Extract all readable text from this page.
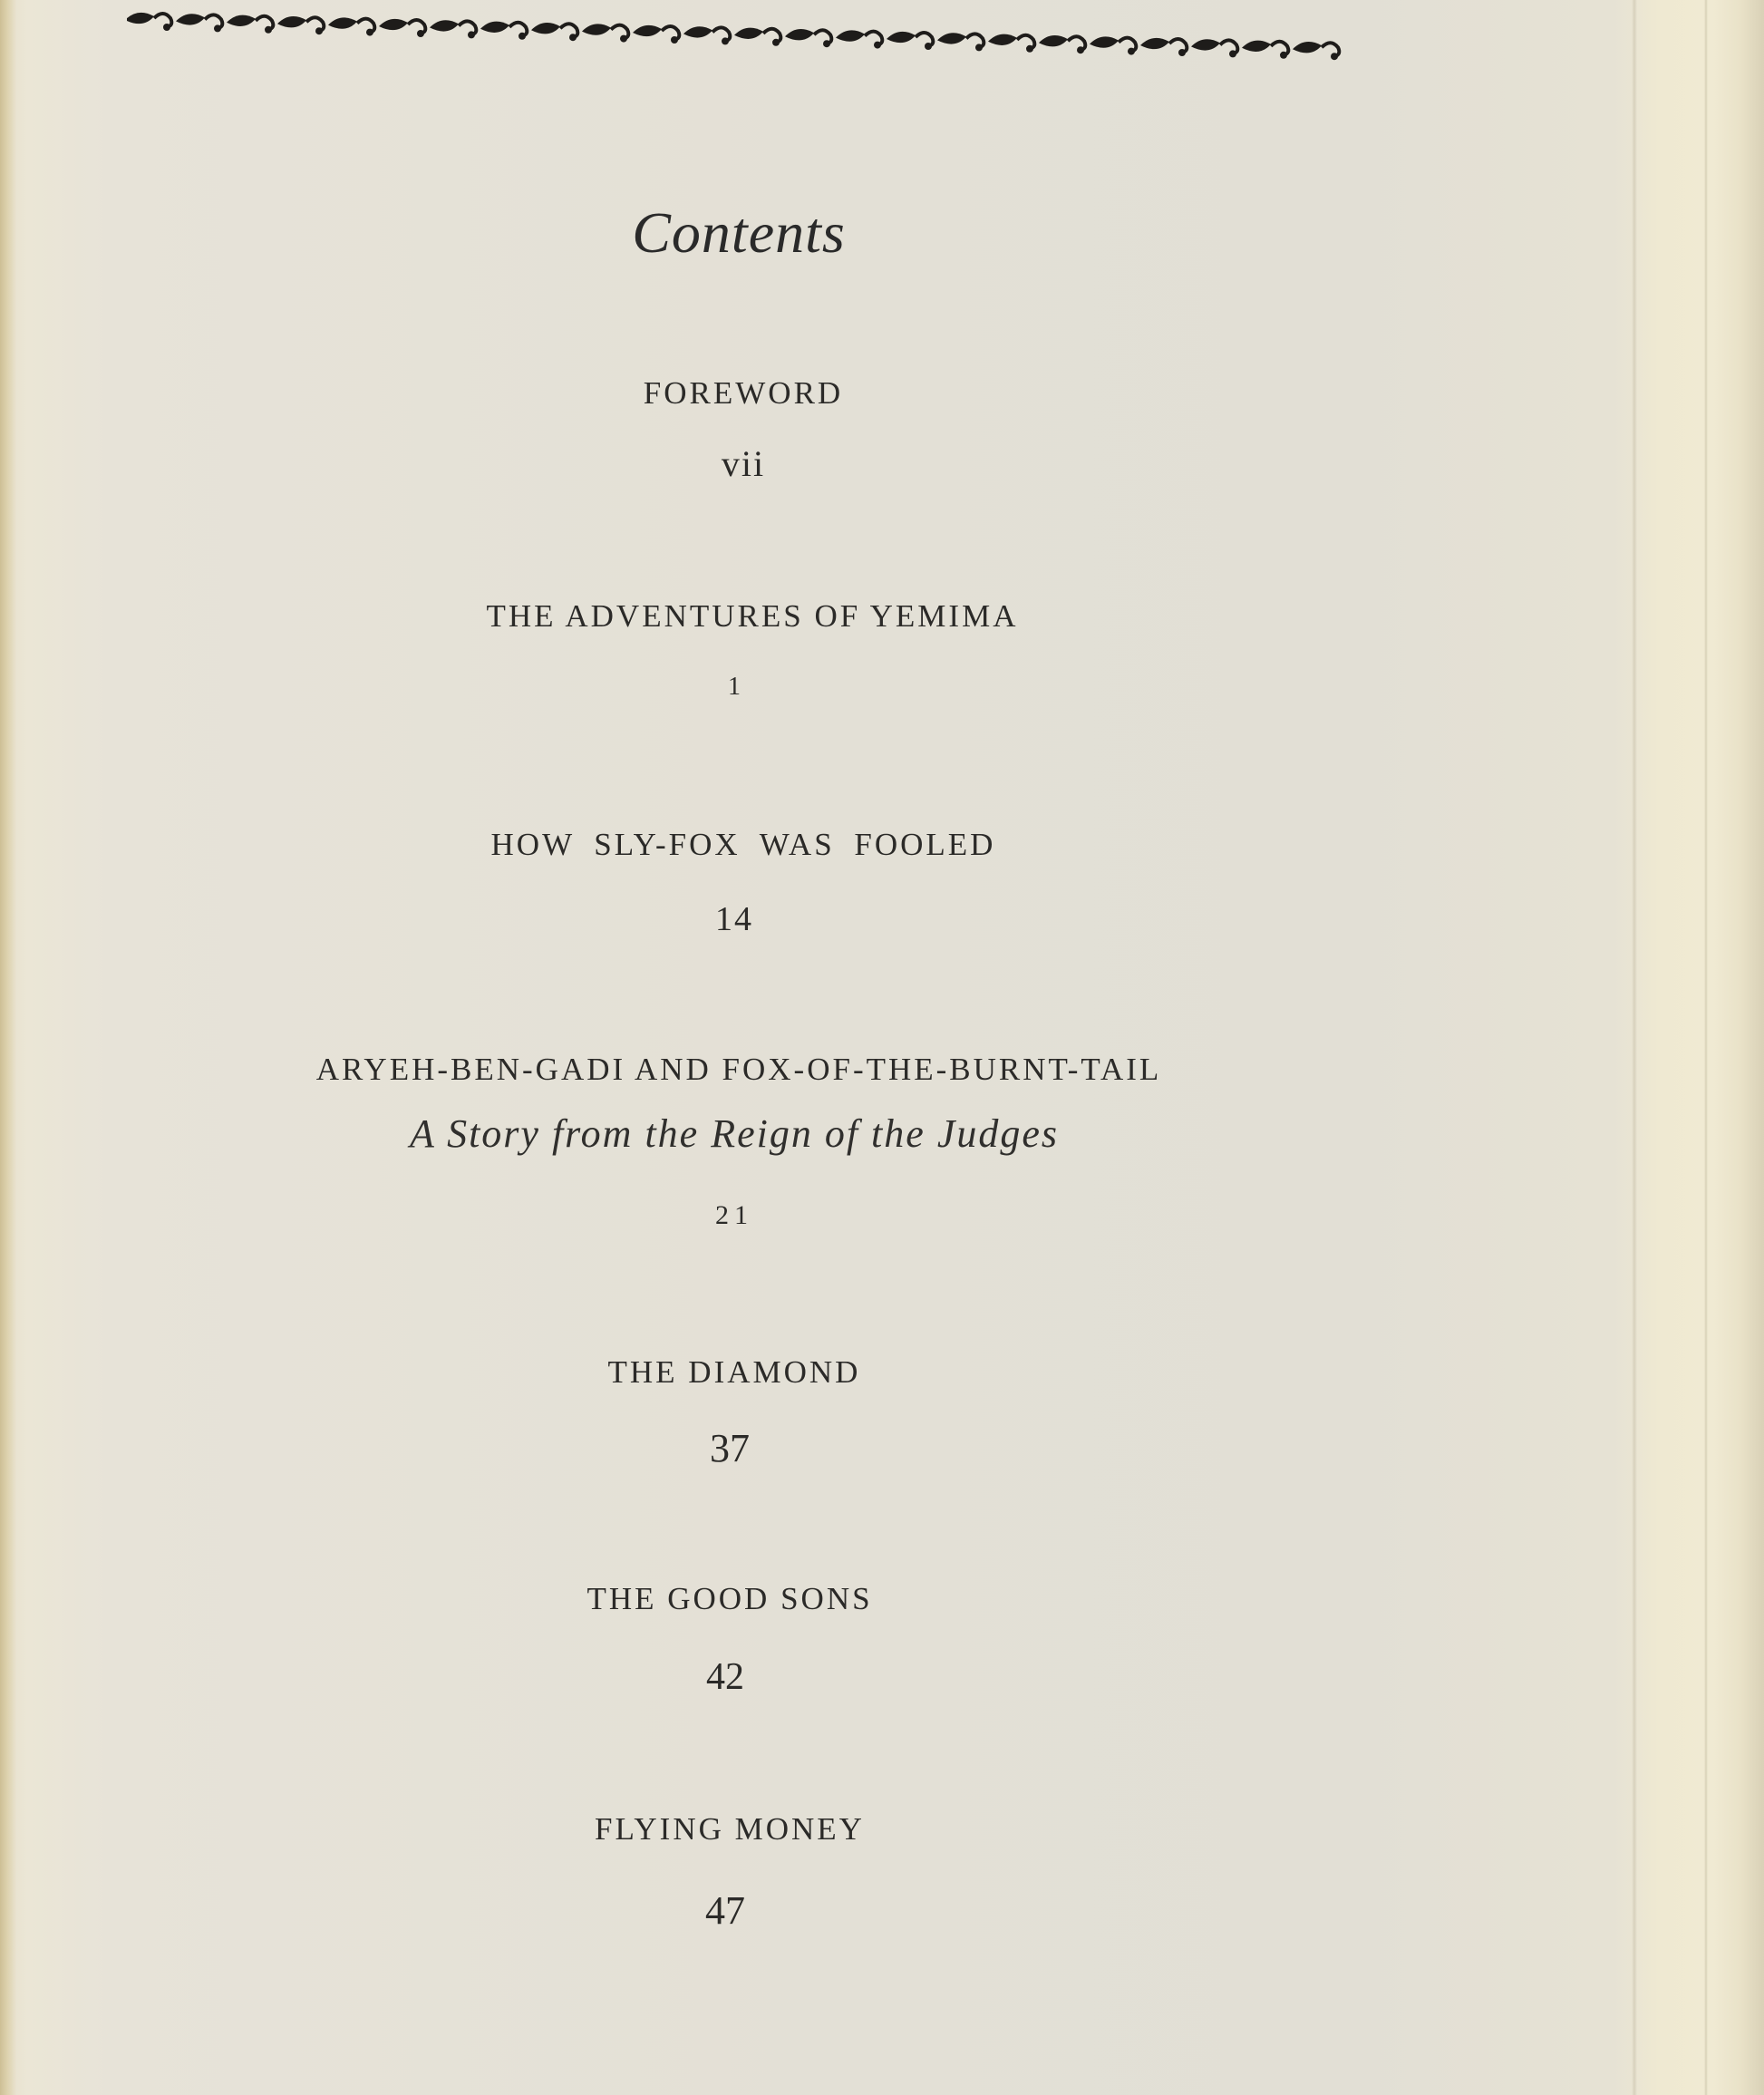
Contents
FOREWORD
vii
THE ADVENTURES OF YEMIMA
1
HOW SLY-FOX WAS FOOLED
14
ARYEH-BEN-GADI AND FOX-OF-THE-BURNT-TAIL
A Story from the Reign of the Judges
21
THE DIAMOND
37
THE GOOD SONS
42
FLYING MONEY
47
